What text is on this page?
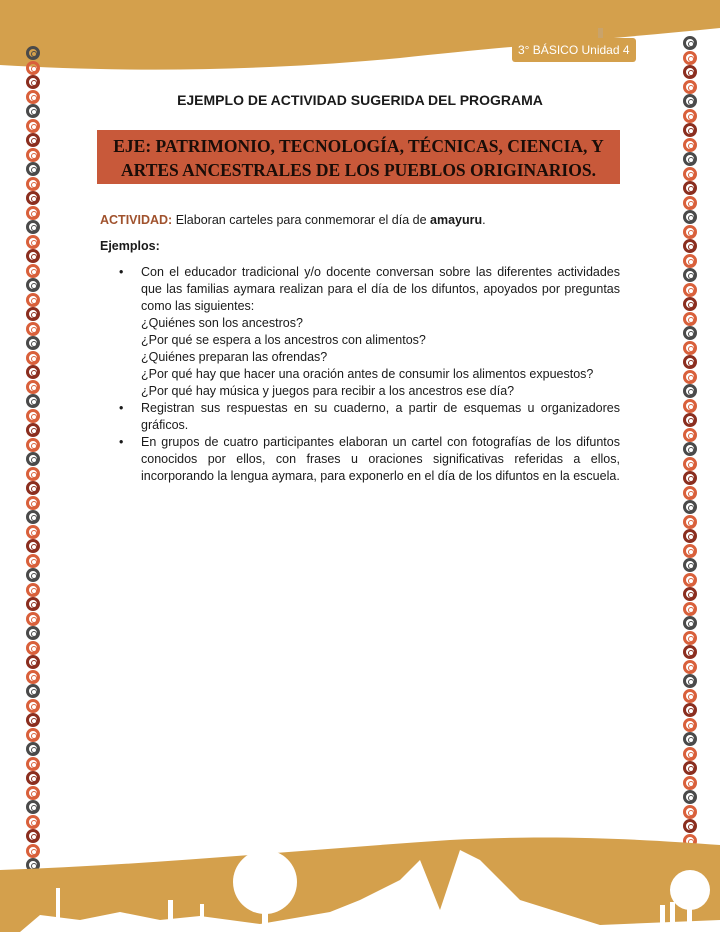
3° BÁSICO Unidad 4
EJEMPLO DE ACTIVIDAD SUGERIDA DEL PROGRAMA
EJE: PATRIMONIO, TECNOLOGÍA, TÉCNICAS, CIENCIA, Y
ARTES ANCESTRALES DE LOS PUEBLOS ORIGINARIOS.

ACTIVIDAD: Elaboran carteles para conmemorar el día de amayuru.

Ejemplos:

• Con el educador tradicional y/o docente conversan sobre las diferentes actividades que las familias aymara realizan para el día de los difuntos, apoyados por preguntas como las siguientes:
¿Quiénes son los ancestros?
¿Por qué se espera a los ancestros con alimentos?
¿Quiénes preparan las ofrendas?
¿Por qué hay que hacer una oración antes de consumir los alimentos expuestos?
¿Por qué hay música y juegos para recibir a los ancestros ese día?
• Registran sus respuestas en su cuaderno, a partir de esquemas u organizadores gráficos.
• En grupos de cuatro participantes elaboran un cartel con fotografías de los difuntos conocidos por ellos, con frases u oraciones significativas referidas a ellos, incorporando la lengua aymara, para exponerlo en el día de los difuntos en la escuela.
